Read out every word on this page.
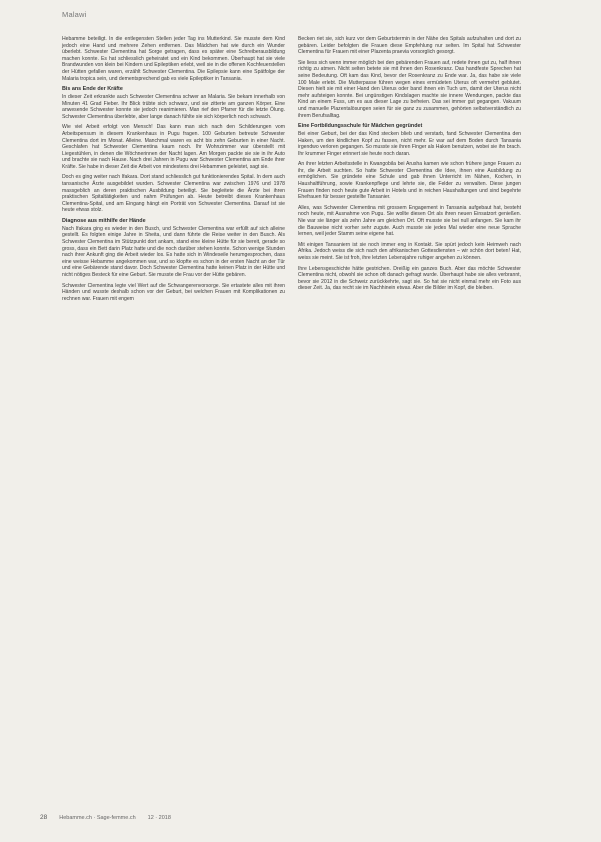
Malawi

Hebamme beteiligt. In die entlegensten Stellen jeder Tag ins Mutterkind. Sie musste dem Kind jedoch eine Hand und mehrere Zehen entfernen. Das Mädchen hat wie durch ein Wunder überlebt. Schwester Clementina hat Sorge getragen, dass es später eine Schreiberausbildung machen konnte. Es hat schliesslich geheiratet und ein Kind bekommen. Überhaupt hat sie viele Brandwunden von klein bei Kindern und Epileptiken erlebt, weil sie in die offenen Kochfeuerstellen der Hütten gefallen waren, erzählt Schwester Clementina. Die Epilepsie kann eine Spätfolge der Malaria tropica sein, und dementsprechend gab es viele Epileptiker in Tansania.

Bis ans Ende der Kräfte

In dieser Zeit erkrankte auch Schwester Clementina schwer an Malaria. Sie bekam innerhalb von Minuten 41 Grad Fieber. Ihr Blick trübte sich schwarz, und sie zitterte am ganzen Körper. Eine anwesende Schwester konnte sie jedoch reanimieren. Man rief den Pfarrer für die letzte Ölung. Schwester Clementina überlebte, aber lange danach fühlte sie sich körperlich noch schwach.

Wie viel Arbeit erfolgt von Mensch! Das kann man sich nach den Schilderungen vom Arbeitspensum in diesem Krankenhaus in Pugu fragen. 100 Geburten betreute Schwester Clementina dort im Monat. Alleine. Manchmal waren es acht bis zehn Geburten in einer Nacht. Geschlafen hat Schwester Clementina kaum noch. Ihr Wohnzimmer war überstellt mit Liegestühlen, in denen die Wöchnerinnen der Nacht lagen. Am Morgen packte sie sie in ihr Auto und brachte sie nach Hause. Nach drei Jahren in Pugu war Schwester Clementina am Ende ihrer Kräfte. Sie habe in dieser Zeit die Arbeit von mindestens drei Hebammen geleistet, sagt sie.

Doch es ging weiter nach Ifakara. Dort stand schliesslich gut funktionierendes Spital. In dem auch tansanische Ärzte ausgebildet wurden. Schwester Clementina war zwischen 1976 und 1978 massgeblich an deren praktischen Ausbildung beteiligt. Sie begleitete die Ärzte bei ihren praktischen Spitaltätigkeiten und nahm Prüfungen ab. Heute betreibt dieses Krankenhaus Clementina-Spital, und am Eingang hängt ein Porträt von Schwester Clementina. Darauf ist sie heute etwas stolz.

Diagnose aus mithilfe der Hände

Nach Ifakara ging es wieder in den Busch, und Schwester Clementina war erfüllt auf sich alleine gestellt. Es folgten einige Jahre in Sheita, und dann führte die Reise weiter in den Busch. Als Schwester Clementina im Stützpunkt dort ankam, stand eine kleine Hütte für sie bereit, gerade so gross, dass ein Bett darin Platz hatte und die noch darüber stehen konnte. Schon wenige Stunden nach ihrer Ankunft ging die Arbeit wieder los. Es hatte sich in Windeseile herumgesprochen, dass eine weisse Hebamme angekommen war, und so klopfte es schon in der ersten Nacht an der Tür und eine Gebärende stand davor. Doch Schwester Clementina hatte keinen Platz in der Hütte und nicht nötiges Besteck für eine Geburt. Sie musste die Frau vor der Hütte gebären.

Schwester Clementina legte viel Wert auf die Schwangerenvorsorge. Sie ertastete alles mit ihren Händen und wusste deshalb schon vor der Geburt, bei welchen Frauen mit Komplikationen zu rechnen war. Frauen mit engem

Becken riet sie, sich kurz vor dem Geburtstermin in der Nähe des Spitals aufzuhalten und dort zu gebären. Leider befolgten die Frauen diese Empfehlung nur selten. Im Spital hat Schwester Clementina für Frauen mit einer Plazenta praevia vorsorglich gesorgt.

Sie liess sich wenn immer möglich bei den gebärenden Frauen auf, redete ihnen gut zu, half ihnen richtig zu atmen. Nicht selten betete sie mit ihnen den Rosenkranz. Das handfeste Sprechen hat seine Bedeutung. Oft kam das Kind, bevor der Rosenkranz zu Ende war. Ja, das habe sie viele 100 Male erlebt. Die Mutterpasse führen wegen eines ermüdeten Uterus oft vermehrt geblutet. Diesen hielt sie mit einer Hand den Uterus oder band ihnen ein Tuch um, damit der Uterus nicht mehr aufsteigen konnte. Bei ungünstigen Kindslagen machte sie innere Wendungen, packte das Kind an einem Fuss, um es aus dieser Lage zu befreien. Das sei immer gut gegangen. Vakuum und manuelle Plazentalösungen seien für sie ganz zu zusammen, gehörten selbstverständlich zu ihrem Berufsalltag.

Eine Fortbildungsschule für Mädchen gegründet

Bei einer Geburt, bei der das Kind stecken blieb und verstarb, fand Schwester Clementina den Haken, um den kindlichen Kopf zu fassen, nicht mehr. Er war auf dem Boden durch Tansania irgendwo verloren gegangen. So musste sie ihren Finger als Haken benutzen, wobei sie ihn brach. Ihr krummer Finger erinnert sie heute noch daran.

An ihrer letzten Arbeitsstelle in Kwangobila bei Arusha kamen wie schon frühere junge Frauen zu ihr, die Arbeit suchten. So hatte Schwester Clementina die Idee, ihnen eine Ausbildung zu ermöglichen. Sie gründete eine Schule und gab ihnen Unterricht im Nähen, Kochen, in Haushaltführung, sowie Krankenpflege und lehrte sie, die Felder zu verwalten. Diese jungen Frauen finden noch heute gute Arbeit in Hotels und in reichen Haushaltungen und sind begehrte Ehefrauen für besser gestellte Tansanier.

Alles, was Schwester Clementina mit grossem Engagement in Tansania aufgebaut hat, besteht noch heute, mit Ausnahme von Pugu. Sie wollte diesen Ort als ihren neuen Einsatzort genießen. Nie war sie länger als zehn Jahre am gleichen Ort. Oft musste sie bei null anfangen. Sie kam ihr die Bauweise nicht vorher sehr zugute. Auch musste sie jedes Mal wieder eine neue Sprache lernen, weil jeder Stamm seine eigene hat.

Mit einigen Tansaniern ist sie noch immer eng in Kontakt. Sie spürt jedoch kein Heimweh nach Afrika. Jedoch weiss die sich nach den afrikanischen Gottesdiensten – wir schön dort beten! Hat, weiss sie meint. Sie ist froh, ihre letzten Lebensjahre ruhiger angehen zu können.

Ihre Lebensgeschichte hätte gestrichen. Dreißig ein ganzes Buch. Aber das möchte Schwester Clementina nicht, obwohl sie schon oft danach gefragt wurde. Überhaupt habe sie alles verbrannt, bevor sie 2012 in die Schweiz zurückkehrte, sagt sie. So hat sie nicht einmal mehr ein Foto aus dieser Zeit. Ja, das recht sie im Nachhinein etwas. Aber die Bilder im Kopf, die bleiben.

28 Hebamme.ch · Sage-femme.ch 12 · 2018
